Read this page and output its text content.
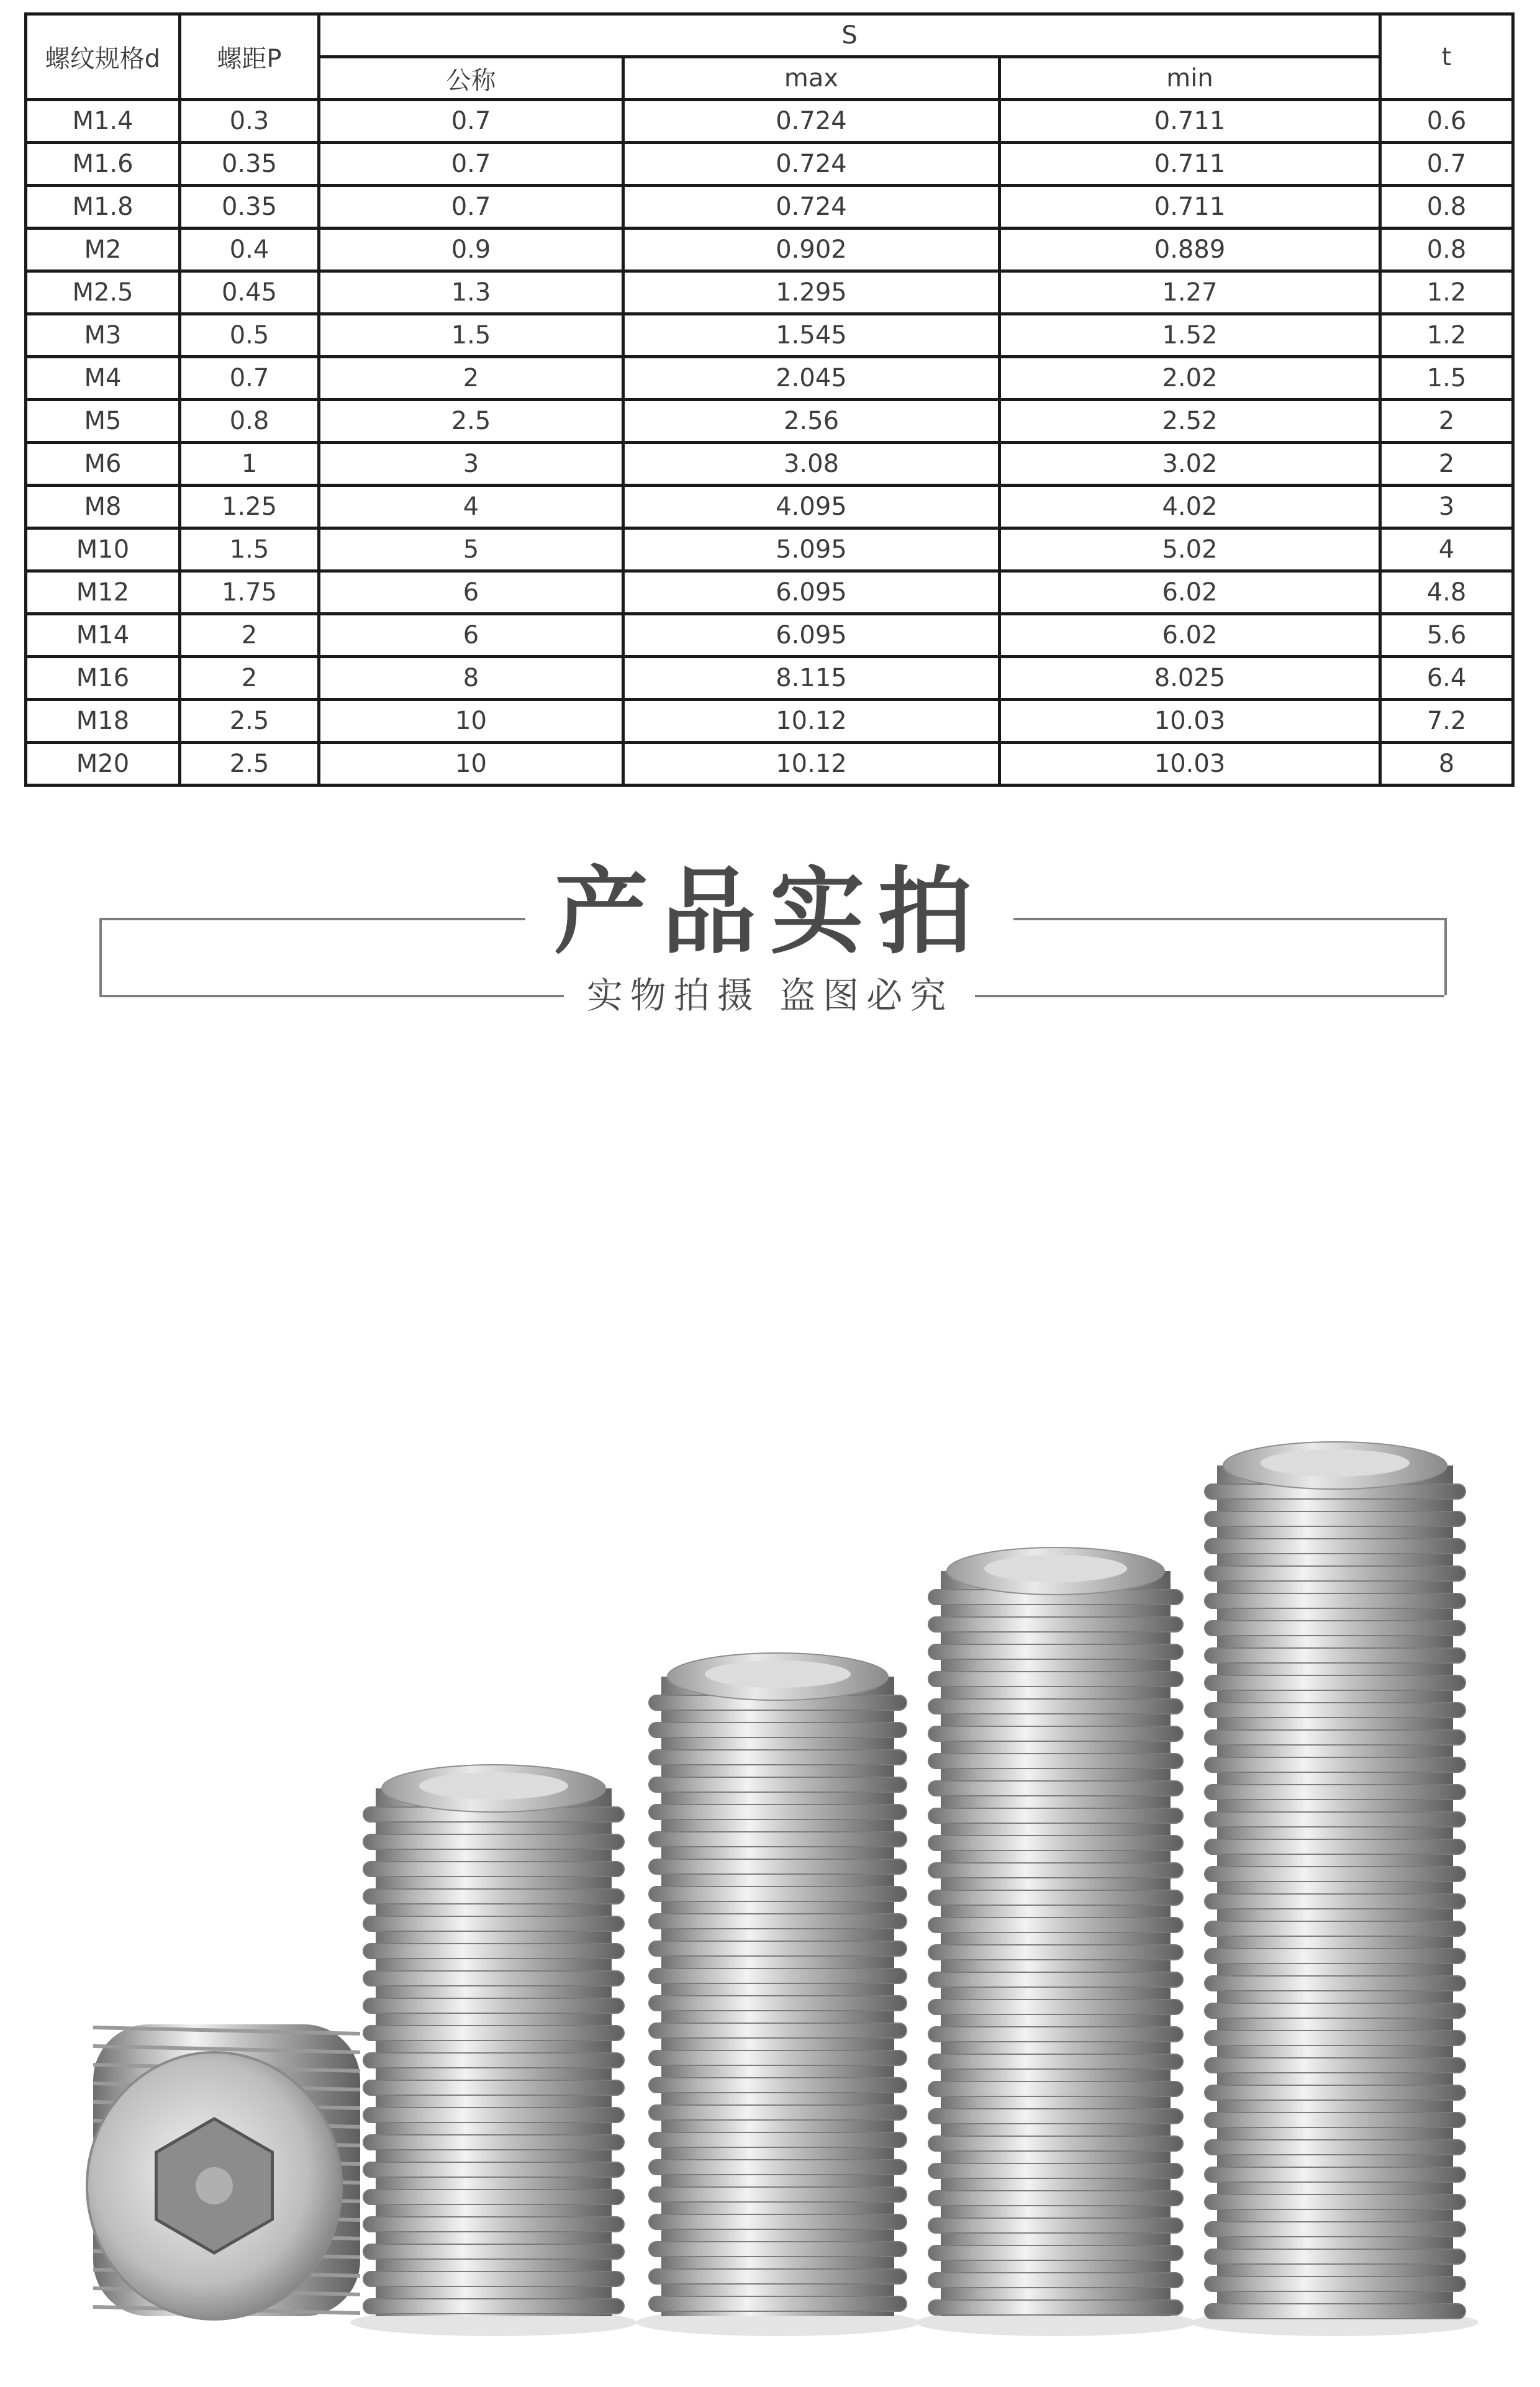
螺纹规格d	螺距P	S			t
		公称	max	min	
M1.4	0.3	0.7	0.724	0.711	0.6
M1.6	0.35	0.7	0.724	0.711	0.7
M1.8	0.35	0.7	0.724	0.711	0.8
M2	0.4	0.9	0.902	0.889	0.8
M2.5	0.45	1.3	1.295	1.27	1.2
M3	0.5	1.5	1.545	1.52	1.2
M4	0.7	2	2.045	2.02	1.5
M5	0.8	2.5	2.56	2.52	2
M6	1	3	3.08	3.02	2
M8	1.25	4	4.095	4.02	3
M10	1.5	5	5.095	5.02	4
M12	1.75	6	6.095	6.02	4.8
M14	2	6	6.095	6.02	5.6
M16	2	8	8.115	8.025	6.4
M18	2.5	10	10.12	10.03	7.2
M20	2.5	10	10.12	10.03	8
产品实拍
实物拍摄 盗图必究
